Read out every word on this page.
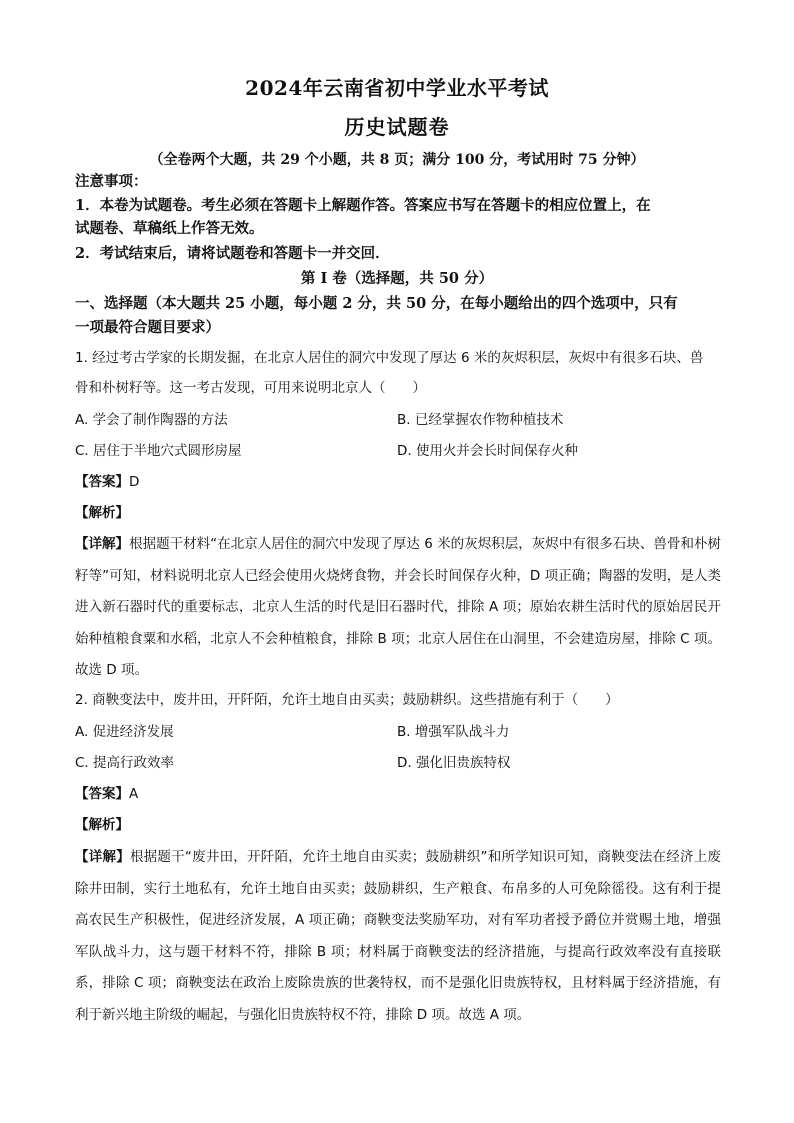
2024年云南省初中学业水平考试
历史试题卷
（全卷两个大题，共 29 个小题，共 8 页；满分 100 分，考试用时 75 分钟）
注意事项：
1．本卷为试题卷。考生必须在答题卡上解题作答。答案应书写在答题卡的相应位置上，在
试题卷、草稿纸上作答无效。
2．考试结束后，请将试题卷和答题卡一并交回．
第 I 卷（选择题，共 50 分）
一、选择题（本大题共 25 小题，每小题 2 分，共 50 分，在每小题给出的四个选项中，只有
一项最符合题目要求）
1. 经过考古学家的长期发掘，在北京人居住的洞穴中发现了厚达 6 米的灰烬积层，灰烬中有很多石块、兽
骨和朴树籽等。这一考古发现，可用来说明北京人（　　）
A. 学会了制作陶器的方法	B. 已经掌握农作物种植技术
C. 居住于半地穴式圆形房屋	D. 使用火并会长时间保存火种
【答案】D
【解析】
【详解】根据题干材料“在北京人居住的洞穴中发现了厚达 6 米的灰烬积层，灰烬中有很多石块、兽骨和朴树籽等”可知，材料说明北京人已经会使用火烧烤食物，并会长时间保存火种，D 项正确；陶器的发明，是人类进入新石器时代的重要标志，北京人生活的时代是旧石器时代，排除 A 项；原始农耕生活时代的原始居民开始种植粮食粟和水稻，北京人不会种植粮食，排除 B 项；北京人居住在山洞里，不会建造房屋，排除 C 项。故选 D 项。
2. 商鞅变法中，废井田，开阡陌，允许土地自由买卖；鼓励耕织。这些措施有利于（　　）
A. 促进经济发展	B. 增强军队战斗力
C. 提高行政效率	D. 强化旧贵族特权
【答案】A
【解析】
【详解】根据题干“废井田，开阡陌，允许土地自由买卖；鼓励耕织”和所学知识可知，商鞅变法在经济上废除井田制，实行土地私有，允许土地自由买卖；鼓励耕织，生产粮食、布帛多的人可免除徭役。这有利于提高农民生产积极性，促进经济发展，A 项正确；商鞅变法奖励军功，对有军功者授予爵位并赏赐土地，增强军队战斗力，这与题干材料不符，排除 B 项；材料属于商鞅变法的经济措施，与提高行政效率没有直接联系，排除 C 项；商鞅变法在政治上废除贵族的世袭特权，而不是强化旧贵族特权，且材料属于经济措施，有利于新兴地主阶级的崛起，与强化旧贵族特权不符，排除 D 项。故选 A 项。
